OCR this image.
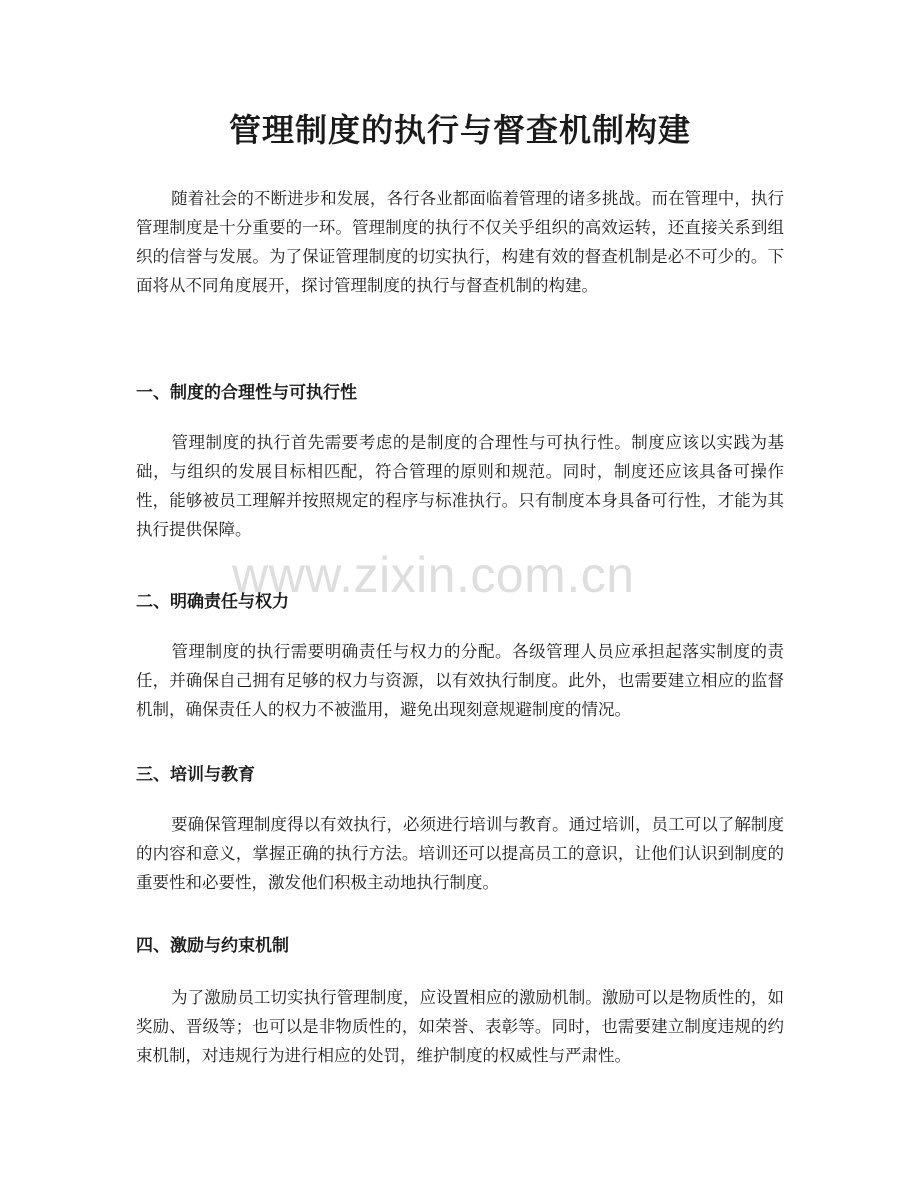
管理制度的执行与督查机制构建

随着社会的不断进步和发展，各行各业都面临着管理的诸多挑战。而在管理中，执行管理制度是十分重要的一环。管理制度的执行不仅关乎组织的高效运转，还直接关系到组织的信誉与发展。为了保证管理制度的切实执行，构建有效的督查机制是必不可少的。下面将从不同角度展开，探讨管理制度的执行与督查机制的构建。

一、制度的合理性与可执行性

管理制度的执行首先需要考虑的是制度的合理性与可执行性。制度应该以实践为基础，与组织的发展目标相匹配，符合管理的原则和规范。同时，制度还应该具备可操作性，能够被员工理解并按照规定的程序与标准执行。只有制度本身具备可行性，才能为其执行提供保障。

二、明确责任与权力

管理制度的执行需要明确责任与权力的分配。各级管理人员应承担起落实制度的责任，并确保自己拥有足够的权力与资源，以有效执行制度。此外，也需要建立相应的监督机制，确保责任人的权力不被滥用，避免出现刻意规避制度的情况。

三、培训与教育

要确保管理制度得以有效执行，必须进行培训与教育。通过培训，员工可以了解制度的内容和意义，掌握正确的执行方法。培训还可以提高员工的意识，让他们认识到制度的重要性和必要性，激发他们积极主动地执行制度。

四、激励与约束机制

为了激励员工切实执行管理制度，应设置相应的激励机制。激励可以是物质性的，如奖励、晋级等；也可以是非物质性的，如荣誉、表彰等。同时，也需要建立制度违规的约束机制，对违规行为进行相应的处罚，维护制度的权威性与严肃性。

www.zixin.com.cn
